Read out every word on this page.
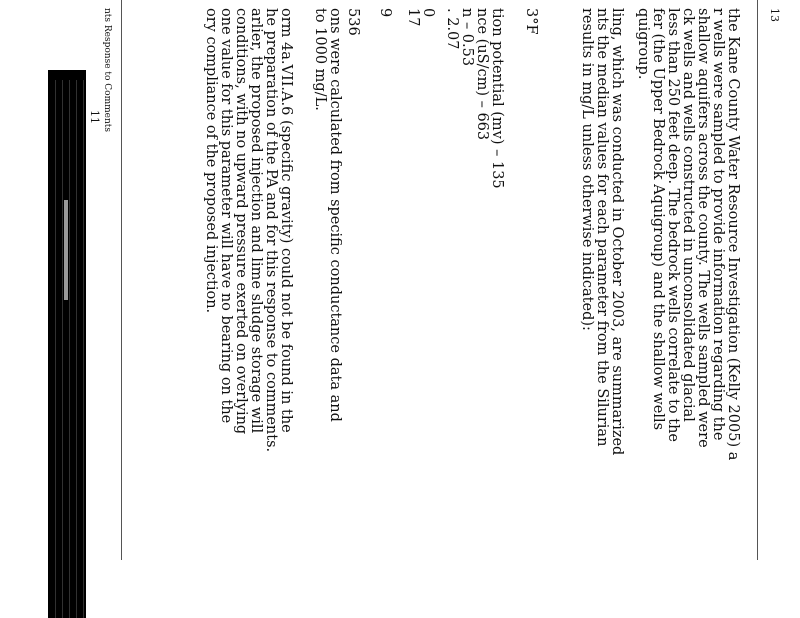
13
the Kane County Water Resource Investigation (Kelly 2005) a
r wells were sampled to provide information regarding the
shallow aquifers across the county. The wells sampled were
ck wells and wells constructed in unconsolidated glacial
less than 250 feet deep. The bedrock wells correlate to the
fer (the Upper Bedrock Aquigroup) and the shallow wells
quigroup.
ling, which was conducted in October 2003, are summarized
nts the median values for each parameter from the Silurian
results in mg/L unless otherwise indicated):
3°F
tion potential (mv) – 135
nce (uS/cm) – 663
n – 0.53
. 2.07
0
17
9
536
ons were calculated from specific conductance data and
to 1000 mg/L.
orm 4a.VII.A.6 (specific gravity) could not be found in the
he preparation of the PA and for this response to comments.
arlier, the proposed injection and lime sludge storage will
conditions, with no upward pressure exerted on overlying
one value for this parameter will have no bearing on the
ory compliance of the proposed injection.
nts Response to Comments
11
